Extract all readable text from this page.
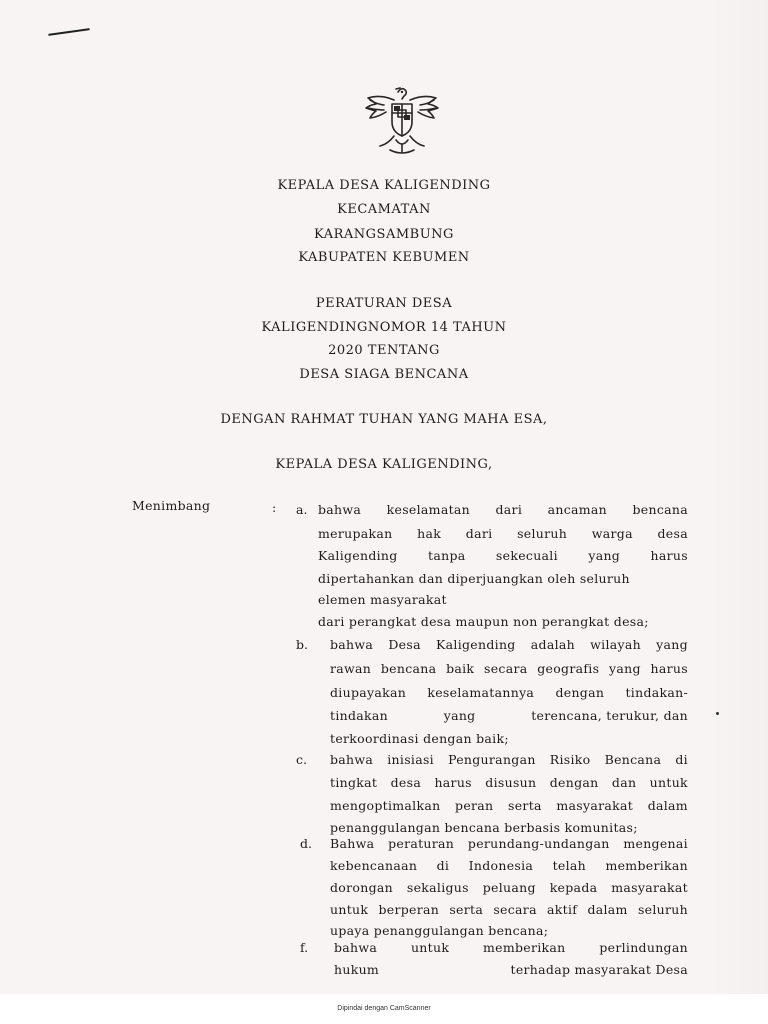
KEPALA DESA KALIGENDING
KECAMATAN
KARANGSAMBUNG
KABUPATEN KEBUMEN
PERATURAN DESA
KALIGENDINGNOMOR 14 TAHUN
2020 TENTANG
DESA SIAGA BENCANA
DENGAN RAHMAT TUHAN YANG MAHA ESA,
KEPALA DESA KALIGENDING,
Menimbang	: a. bahwa keselamatan dari ancaman bencana
merupakan hak dari seluruh warga desa
Kaligending tanpa sekecuali yang harus
dipertahankan dan diperjuangkan oleh seluruh
elemen masyarakat
dari perangkat desa maupun non perangkat desa;
b. bahwa Desa Kaligending adalah wilayah yang
rawan bencana baik secara geografis yang harus
diupayakan keselamatannya dengan tindakan-
tindakan	yang	terencana, terukur, dan
terkoordinasi dengan baik;
c. bahwa inisiasi Pengurangan Risiko Bencana di
tingkat desa harus disusun dengan dan untuk
mengoptimalkan peran serta masyarakat dalam
penanggulangan bencana berbasis komunitas;
d. Bahwa peraturan perundang-undangan mengenai
kebencanaan di Indonesia telah memberikan
dorongan sekaligus peluang kepada masyarakat
untuk berperan serta secara aktif dalam seluruh
upaya penanggulangan bencana;
f. bahwa	untuk	memberikan	perlindungan
hukum	terhadap masyarakat Desa
Dipindai dengan CamScanner
